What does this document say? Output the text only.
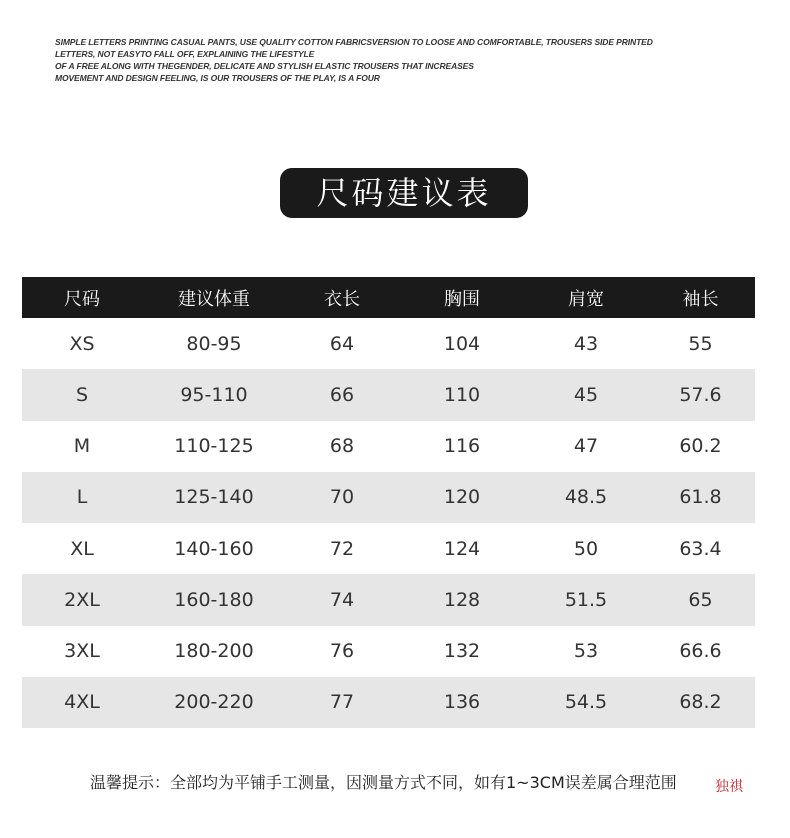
SIMPLE LETTERS PRINTING CASUAL PANTS, USE QUALITY COTTON FABRICSVERSION TO LOOSE AND COMFORTABLE, TROUSERS SIDE PRINTED
LETTERS, NOT EASYTO FALL OFF, EXPLAINING THE LIFESTYLE
OF A FREE ALONG WITH THEGENDER, DELICATE AND STYLISH ELASTIC TROUSERS THAT INCREASES
MOVEMENT AND DESIGN FEELING, IS OUR TROUSERS OF THE PLAY, IS A FOUR
尺码建议表
尺码	建议体重	衣长	胸围	肩宽	袖长
XS	80-95	64	104	43	55
S	95-110	66	110	45	57.6
M	110-125	68	116	47	60.2
L	125-140	70	120	48.5	61.8
XL	140-160	72	124	50	63.4
2XL	160-180	74	128	51.5	65
3XL	180-200	76	132	53	66.6
4XL	200-220	77	136	54.5	68.2
温馨提示：全部均为平铺手工测量，因测量方式不同，如有1~3CM误差属合理范围	独祺
